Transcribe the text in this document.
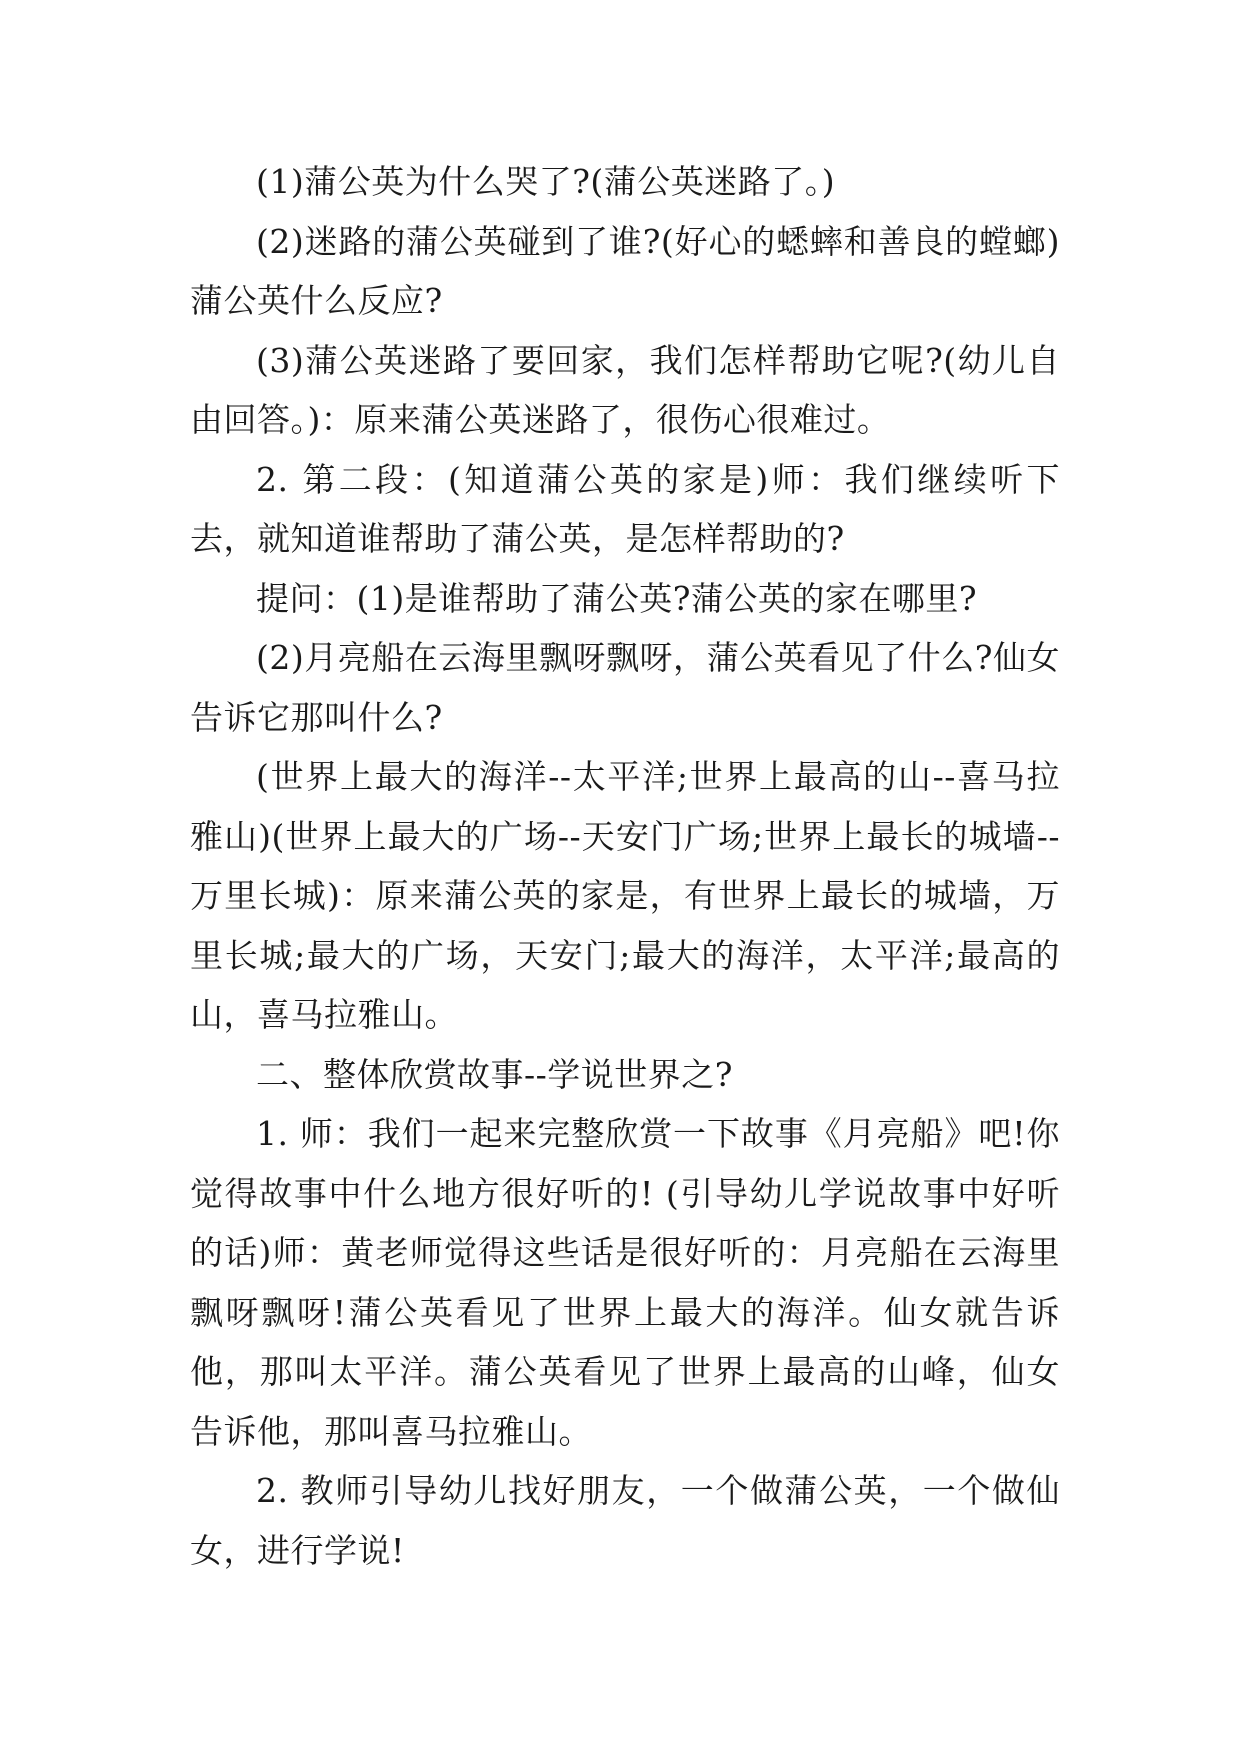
(1)蒲公英为什么哭了?(蒲公英迷路了。)

(2)迷路的蒲公英碰到了谁?(好心的蟋蟀和善良的螳螂)蒲公英什么反应?

(3)蒲公英迷路了要回家，我们怎样帮助它呢?(幼儿自由回答。)：原来蒲公英迷路了，很伤心很难过。

2. 第二段：(知道蒲公英的家是)师：我们继续听下去，就知道谁帮助了蒲公英，是怎样帮助的?

提问：(1)是谁帮助了蒲公英?蒲公英的家在哪里?

(2)月亮船在云海里飘呀飘呀，蒲公英看见了什么?仙女告诉它那叫什么?

(世界上最大的海洋--太平洋;世界上最高的山--喜马拉雅山)(世界上最大的广场--天安门广场;世界上最长的城墙--万里长城)：原来蒲公英的家是，有世界上最长的城墙，万里长城;最大的广场，天安门;最大的海洋，太平洋;最高的山，喜马拉雅山。

二、整体欣赏故事--学说世界之?

1. 师：我们一起来完整欣赏一下故事《月亮船》吧!你觉得故事中什么地方很好听的! (引导幼儿学说故事中好听的话)师：黄老师觉得这些话是很好听的：月亮船在云海里飘呀飘呀!蒲公英看见了世界上最大的海洋。仙女就告诉他，那叫太平洋。蒲公英看见了世界上最高的山峰，仙女告诉他，那叫喜马拉雅山。

2. 教师引导幼儿找好朋友，一个做蒲公英，一个做仙女，进行学说!
